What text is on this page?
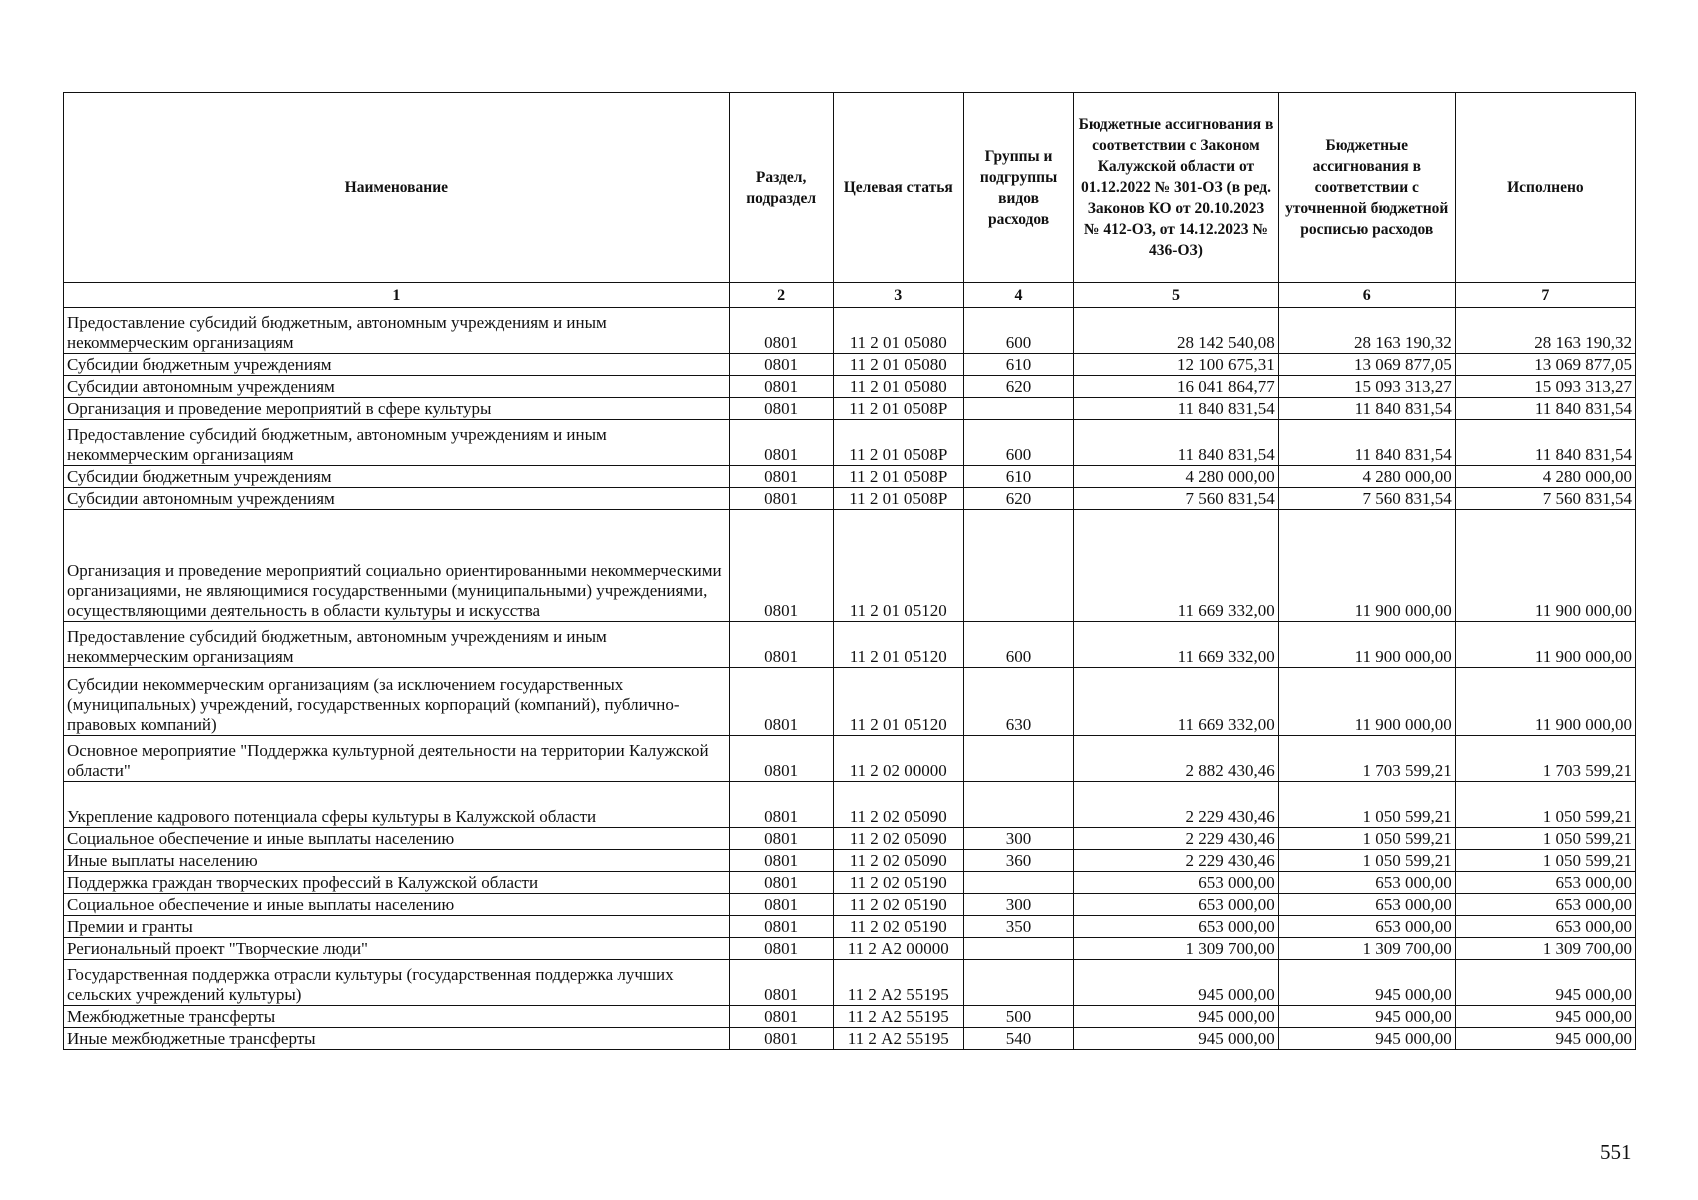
Наименование	Раздел, подраздел	Целевая статья	Группы и подгруппы видов расходов	Бюджетные ассигнования в соответствии с Законом Калужской области от 01.12.2022 № 301-ОЗ (в ред. Законов КО от 20.10.2023 № 412-ОЗ, от 14.12.2023 № 436-ОЗ)	Бюджетные ассигнования в соответствии с уточненной бюджетной росписью расходов	Исполнено
1	2	3	4	5	6	7
Предоставление субсидий бюджетным, автономным учреждениям и иным некоммерческим организациям	0801	11 2 01 05080	600	28 142 540,08	28 163 190,32	28 163 190,32
Субсидии бюджетным учреждениям	0801	11 2 01 05080	610	12 100 675,31	13 069 877,05	13 069 877,05
Субсидии автономным учреждениям	0801	11 2 01 05080	620	16 041 864,77	15 093 313,27	15 093 313,27
Организация и проведение мероприятий в сфере культуры	0801	11 2 01 0508Р		11 840 831,54	11 840 831,54	11 840 831,54
Предоставление субсидий бюджетным, автономным учреждениям и иным некоммерческим организациям	0801	11 2 01 0508Р	600	11 840 831,54	11 840 831,54	11 840 831,54
Субсидии бюджетным учреждениям	0801	11 2 01 0508Р	610	4 280 000,00	4 280 000,00	4 280 000,00
Субсидии автономным учреждениям	0801	11 2 01 0508Р	620	7 560 831,54	7 560 831,54	7 560 831,54
Организация и проведение мероприятий социально ориентированными некоммерческими организациями, не являющимися государственными (муниципальными) учреждениями, осуществляющими деятельность в области культуры и искусства	0801	11 2 01 05120		11 669 332,00	11 900 000,00	11 900 000,00
Предоставление субсидий бюджетным, автономным учреждениям и иным некоммерческим организациям	0801	11 2 01 05120	600	11 669 332,00	11 900 000,00	11 900 000,00
Субсидии некоммерческим организациям (за исключением государственных (муниципальных) учреждений, государственных корпораций (компаний), публично-правовых компаний)	0801	11 2 01 05120	630	11 669 332,00	11 900 000,00	11 900 000,00
Основное мероприятие "Поддержка культурной деятельности на территории Калужской области"	0801	11 2 02 00000		2 882 430,46	1 703 599,21	1 703 599,21
Укрепление кадрового потенциала сферы культуры в Калужской области	0801	11 2 02 05090		2 229 430,46	1 050 599,21	1 050 599,21
Социальное обеспечение и иные выплаты населению	0801	11 2 02 05090	300	2 229 430,46	1 050 599,21	1 050 599,21
Иные выплаты населению	0801	11 2 02 05090	360	2 229 430,46	1 050 599,21	1 050 599,21
Поддержка граждан творческих профессий в Калужской области	0801	11 2 02 05190		653 000,00	653 000,00	653 000,00
Социальное обеспечение и иные выплаты населению	0801	11 2 02 05190	300	653 000,00	653 000,00	653 000,00
Премии и гранты	0801	11 2 02 05190	350	653 000,00	653 000,00	653 000,00
Региональный проект "Творческие люди"	0801	11 2 А2 00000		1 309 700,00	1 309 700,00	1 309 700,00
Государственная поддержка отрасли культуры (государственная поддержка лучших сельских учреждений культуры)	0801	11 2 А2 55195		945 000,00	945 000,00	945 000,00
Межбюджетные трансферты	0801	11 2 А2 55195	500	945 000,00	945 000,00	945 000,00
Иные межбюджетные трансферты	0801	11 2 А2 55195	540	945 000,00	945 000,00	945 000,00
551
